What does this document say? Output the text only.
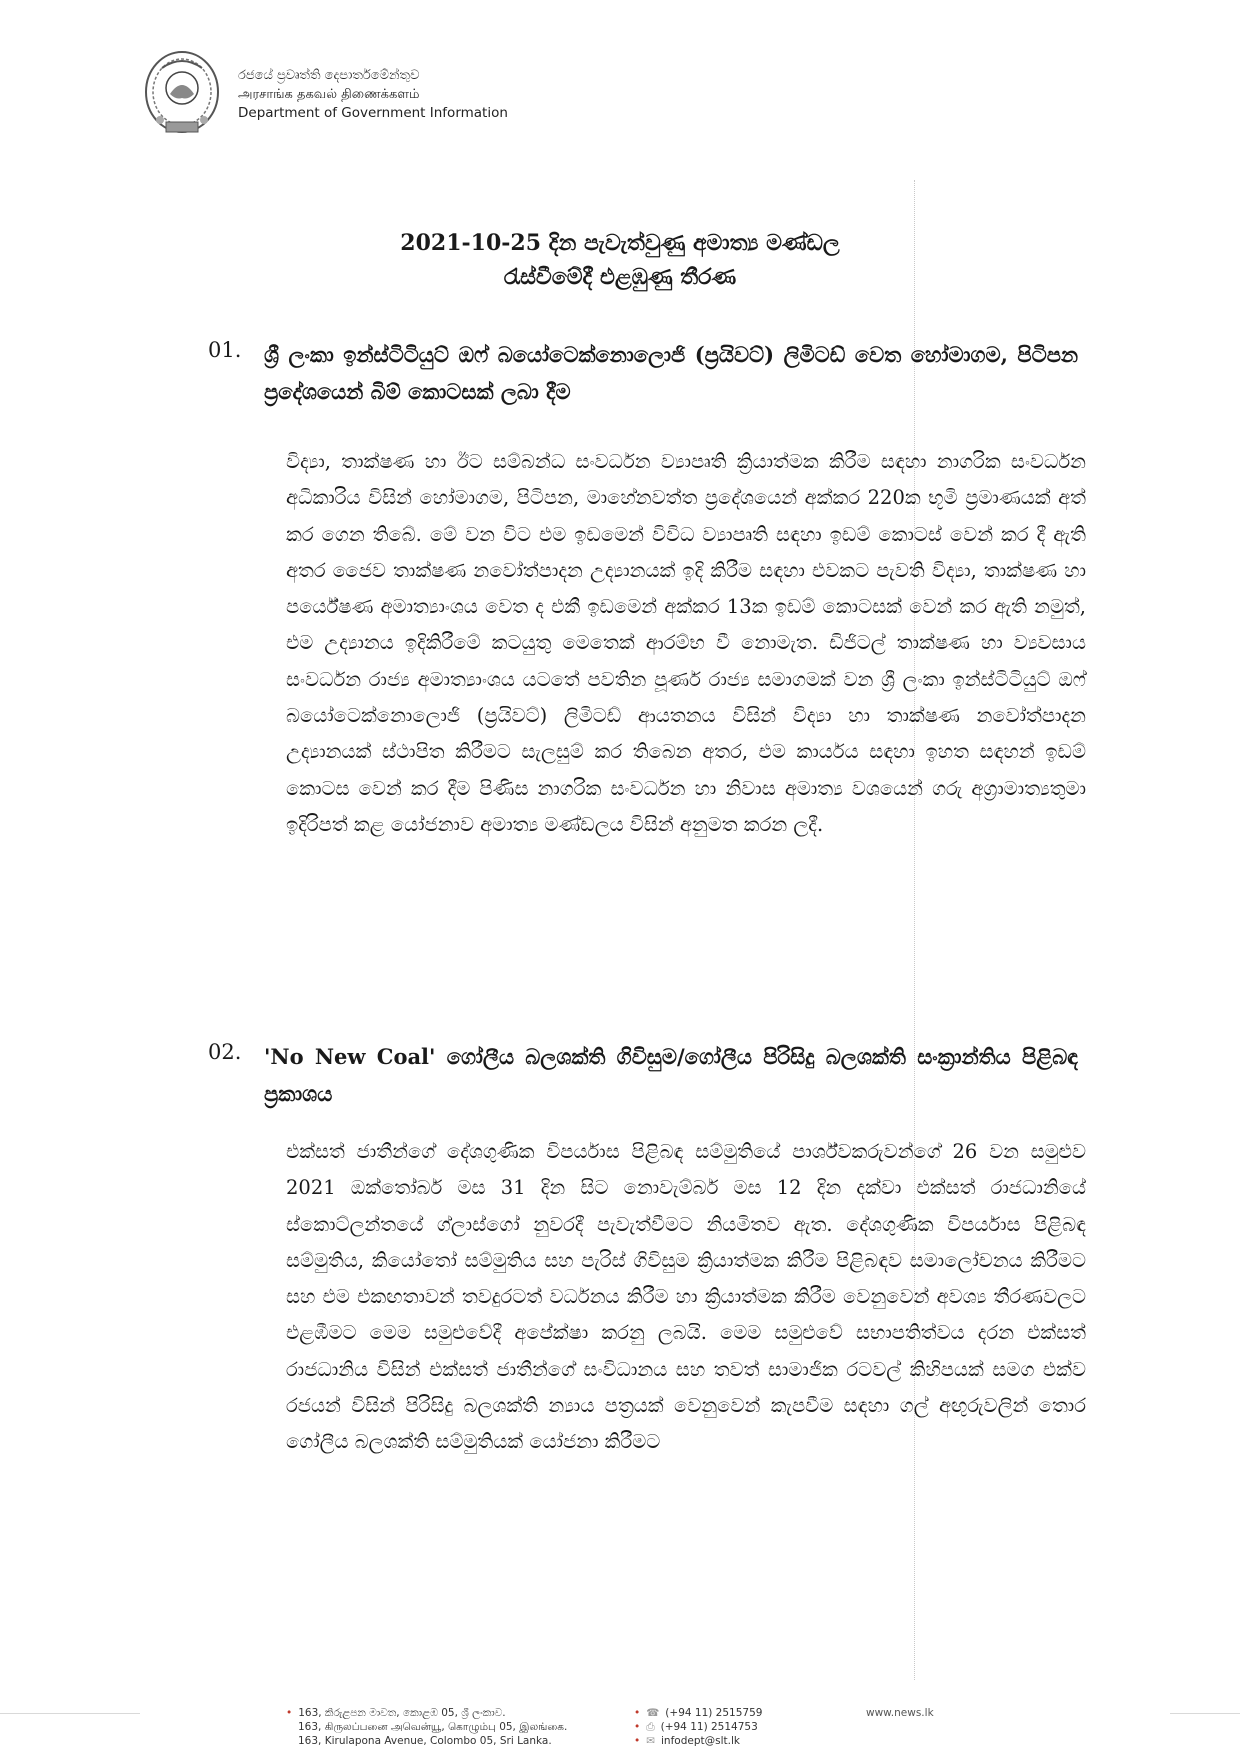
රජයේ ප්‍රවෘත්ති දෙපාර්තමේන්තුව
அரசாங்க தகவல் திணைக்களம்
Department of Government Information
2021-10-25 දින පැවැත්වුණු අමාත්‍ය මණ්ඩල
රැස්වීමේදී එළඹුණු තීරණ
01.	ශ්‍රී ලංකා ඉන්ස්ටිටියුට් ඔෆ් බයෝටෙක්නොලොජි (ප්‍රයිවට්) ලිමිටඩ් වෙත හෝමාගම, පිටිපන ප්‍රදේශයෙන් බිම් කොටසක් ලබා දීම
විද්‍යා, තාක්ෂණ හා ඊට සම්බන්ධ සංවර්ධන ව්‍යාපෘති ක්‍රියාත්මක කිරීම සඳහා නාගරික සංවර්ධන අධිකාරිය විසින් හෝමාගම, පිටිපන, මාහේනවත්ත ප්‍රදේශයෙන් අක්කර 220ක භූමි ප්‍රමාණයක් අත් කර ගෙන තිබේ. මේ වන විට එම ඉඩමෙන් විවිධ ව්‍යාපෘති සඳහා ඉඩම් කොටස් වෙන් කර දී ඇති අතර ජෛව තාක්ෂණ නවෝත්පාදන උද්‍යානයක් ඉදි කිරීම සඳහා එවකට පැවති විද්‍යා, තාක්ෂණ හා පර්යේෂණ අමාත්‍යාංශය වෙත ද එකී ඉඩමෙන් අක්කර 13ක ඉඩම් කොටසක් වෙන් කර ඇති නමුත්, එම උද්‍යානය ඉදිකිරීමේ කටයුතු මෙතෙක් ආරම්භ වී නොමැත. ඩිජිටල් තාක්ෂණ හා ව්‍යවසාය සංවර්ධන රාජ්‍ය අමාත්‍යාංශය යටතේ පවතින පූර්ණ රාජ්‍ය සමාගමක් වන ශ්‍රී ලංකා ඉන්ස්ටිටියුට් ඔෆ් බයෝටෙක්නොලොජි (ප්‍රයිවට්) ලිමිටඩ් ආයතනය විසින් විද්‍යා හා තාක්ෂණ නවෝත්පාදන උද්‍යානයක් ස්ථාපිත කිරීමට සැලසුම් කර තිබෙන අතර, එම කාර්යය සඳහා ඉහත සඳහන් ඉඩම් කොටස වෙන් කර දීම පිණිස නාගරික සංවර්ධන හා නිවාස අමාත්‍ය වශයෙන් ගරු අග්‍රාමාත්‍යතුමා ඉදිරිපත් කළ යෝජනාව අමාත්‍ය මණ්ඩලය විසින් අනුමත කරන ලදී.
02.	'No New Coal' ගෝලීය බලශක්ති ගිවිසුම/ගෝලීය පිරිසිදු බලශක්ති සංක්‍රාන්තිය පිළිබඳ ප්‍රකාශය
එක්සත් ජාතීන්ගේ දේශගුණික විපර්යාස පිළිබඳ සම්මුතියේ පාර්ශ්වකරුවන්ගේ 26 වන සමුළුව 2021 ඔක්තෝබර් මස 31 දින සිට නොවැම්බර් මස 12 දින දක්වා එක්සත් රාජධානියේ ස්කොට්ලන්තයේ ග්ලාස්ගෝ නුවරදී පැවැත්වීමට නියමිතව ඇත. දේශගුණික විපර්යාස පිළිබඳ සම්මුතිය, කියෝතෝ සම්මුතිය සහ පැරිස් ගිවිසුම ක්‍රියාත්මක කිරීම පිළිබඳව සමාලෝචනය කිරීමට සහ එම එකඟතාවන් තවදුරටත් වර්ධනය කිරීම හා ක්‍රියාත්මක කිරීම වෙනුවෙන් අවශ්‍ය තීරණවලට එළඹීමට මෙම සමුළුවේදී අපේක්ෂා කරනු ලබයි. මෙම සමුළුවේ සභාපතිත්වය දරන එක්සත් රාජධානිය විසින් එක්සත් ජාතීන්ගේ සංවිධානය සහ තවත් සාමාජික රටවල් කිහිපයක් සමග එක්ව රජයන් විසින් පිරිසිදු බලශක්ති න්‍යාය පත්‍රයක් වෙනුවෙන් කැපවීම සඳහා ගල් අඟුරුවලින් තොර ගෝලීය බලශක්ති සම්මුතියක් යෝජනා කිරීමට
• 163, කිරුළපන මාවත, කොළඹ 05, ශ්‍රී ලංකාව.
163, கிருலப்பனை அவென்யூ, கொழும்பு 05, இலங்கை.
163, Kirulapona Avenue, Colombo 05, Sri Lanka.
• ☎ (+94 11) 2515759
• ⎙ (+94 11) 2514753
• ✉ infodept@slt.lk
www.news.lk
